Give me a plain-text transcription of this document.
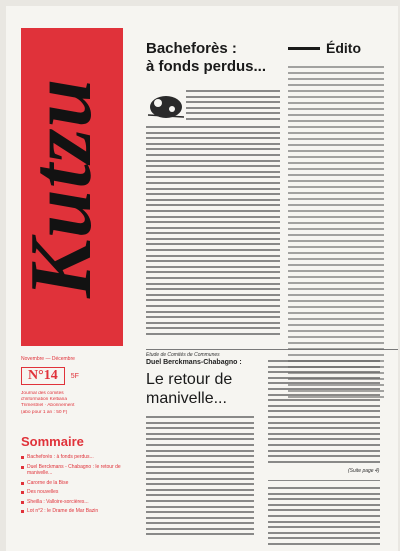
Kutzu
Novembre — Décembre
N°14	5F
Journal des comités
d'information Keltiana
Trimestriel · Abonnement
(abo pour 1 an : 50 F)
Sommaire
Bacheforès : à fonds perdus...
Duel Berckmans - Chabagno : le retour de manivelle...
Carorne de la Bise
Des nouvelles
Sheilla : Valloire-sorcières...
Lot n°2 : le Drame de Mar Bazin
Bacheforès :
à fonds perdus...
Etude de Comités de Communes
Duel Berckmans-Chabagno :
Le retour de
manivelle...
(Suite page 4)
Édito
